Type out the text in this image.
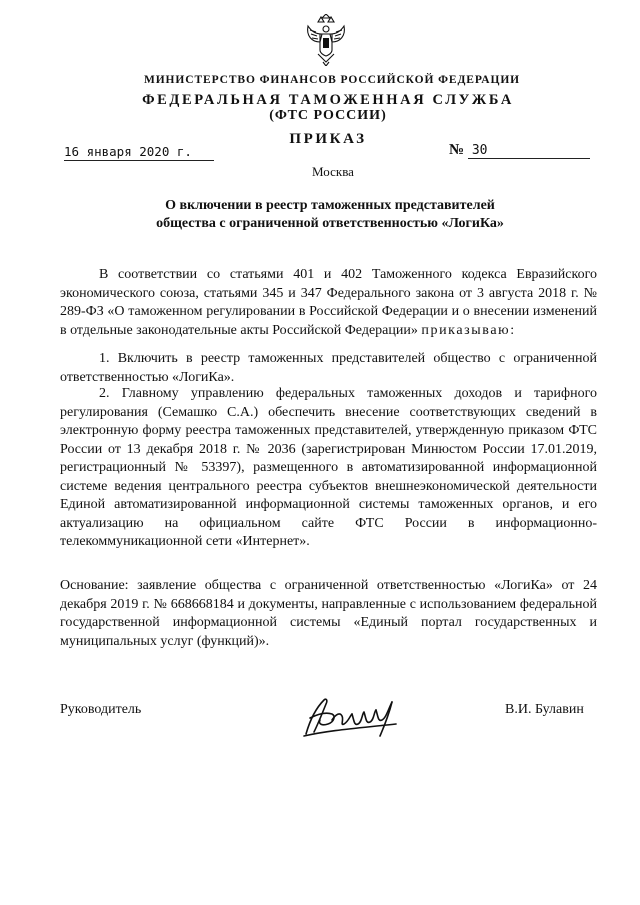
МИНИСТЕРСТВО ФИНАНСОВ РОССИЙСКОЙ ФЕДЕРАЦИИ
ФЕДЕРАЛЬНАЯ ТАМОЖЕННАЯ СЛУЖБА
(ФТС РОССИИ)
ПРИКАЗ
16 января 2020 г.	№ 30
Москва
О включении в реестр таможенных представителей
общества с ограниченной ответственностью «ЛогиКа»

В соответствии со статьями 401 и 402 Таможенного кодекса Евразийского экономического союза, статьями 345 и 347 Федерального закона от 3 августа 2018 г. № 289-ФЗ «О таможенном регулировании в Российской Федерации и о внесении изменений в отдельные законодательные акты Российской Федерации» приказываю:

1. Включить в реестр таможенных представителей общество с ограниченной ответственностью «ЛогиКа».

2. Главному управлению федеральных таможенных доходов и тарифного регулирования (Семашко С.А.) обеспечить внесение соответствующих сведений в электронную форму реестра таможенных представителей, утвержденную приказом ФТС России от 13 декабря 2018 г. № 2036 (зарегистрирован Минюстом России 17.01.2019, регистрационный № 53397), размещенного в автоматизированной информационной системе ведения центрального реестра субъектов внешнеэкономической деятельности Единой автоматизированной информационной системы таможенных органов, и его актуализацию на официальном сайте ФТС России в информационно-телекоммуникационной сети «Интернет».

Основание: заявление общества с ограниченной ответственностью «ЛогиКа» от 24 декабря 2019 г. № 668668184 и документы, направленные с использованием федеральной государственной информационной системы «Единый портал государственных и муниципальных услуг (функций)».

Руководитель	В.И. Булавин
